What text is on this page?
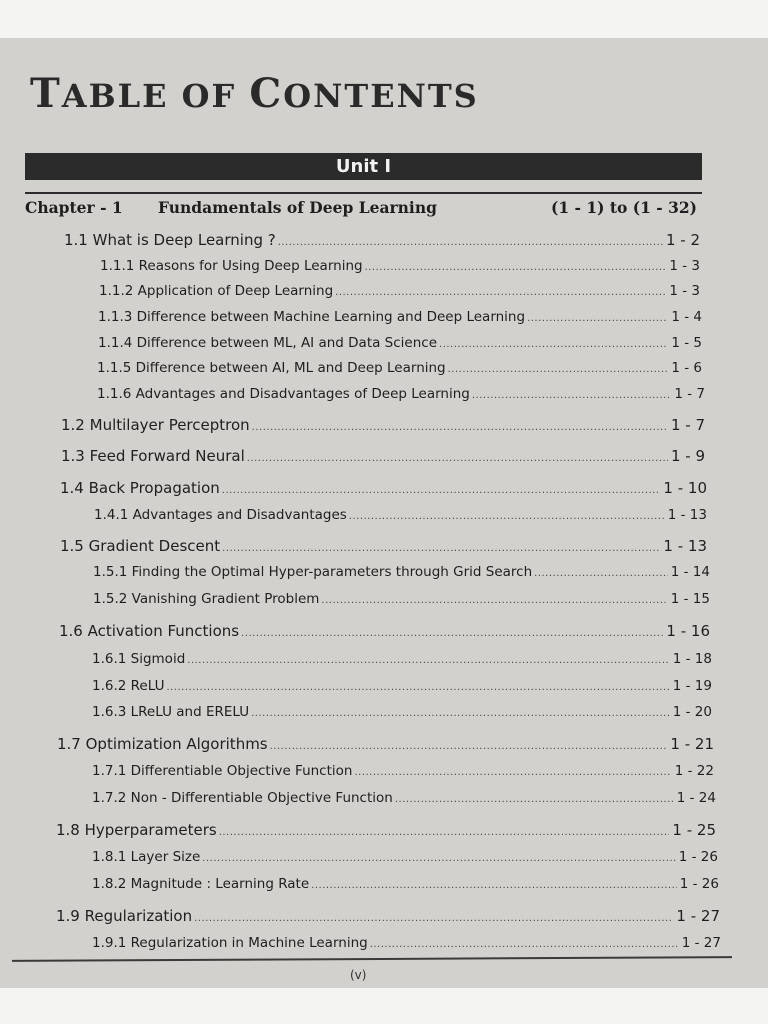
TABLE OF CONTENTS
Unit I
Chapter - 1 Fundamentals of Deep Learning	(1 - 1) to (1 - 32)
1.1 What is Deep Learning ? .....	1 - 2
1.1.1 Reasons for Using Deep Learning .....	1 - 3
1.1.2 Application of Deep Learning .....	1 - 3
1.1.3 Difference between Machine Learning and Deep Learning .....	1 - 4
1.1.4 Difference between ML, AI and Data Science .....	1 - 5
1.1.5 Difference between AI, ML and Deep Learning .....	1 - 6
1.1.6 Advantages and Disadvantages of Deep Learning .....	1 - 7
1.2 Multilayer Perceptron .....	1 - 7
1.3 Feed Forward Neural .....	1 - 9
1.4 Back Propagation .....	1 - 10
1.4.1 Advantages and Disadvantages .....	1 - 13
1.5 Gradient Descent .....	1 - 13
1.5.1 Finding the Optimal Hyper-parameters through Grid Search .....	1 - 14
1.5.2 Vanishing Gradient Problem .....	1 - 15
1.6 Activation Functions .....	1 - 16
1.6.1 Sigmoid .....	1 - 18
1.6.2 ReLU .....	1 - 19
1.6.3 LReLU and ERELU .....	1 - 20
1.7 Optimization Algorithms .....	1 - 21
1.7.1 Differentiable Objective Function .....	1 - 22
1.7.2 Non - Differentiable Objective Function .....	1 - 24
1.8 Hyperparameters .....	1 - 25
1.8.1 Layer Size .....	1 - 26
1.8.2 Magnitude : Learning Rate .....	1 - 26
1.9 Regularization .....	1 - 27
1.9.1 Regularization in Machine Learning .....	1 - 27
(v)
